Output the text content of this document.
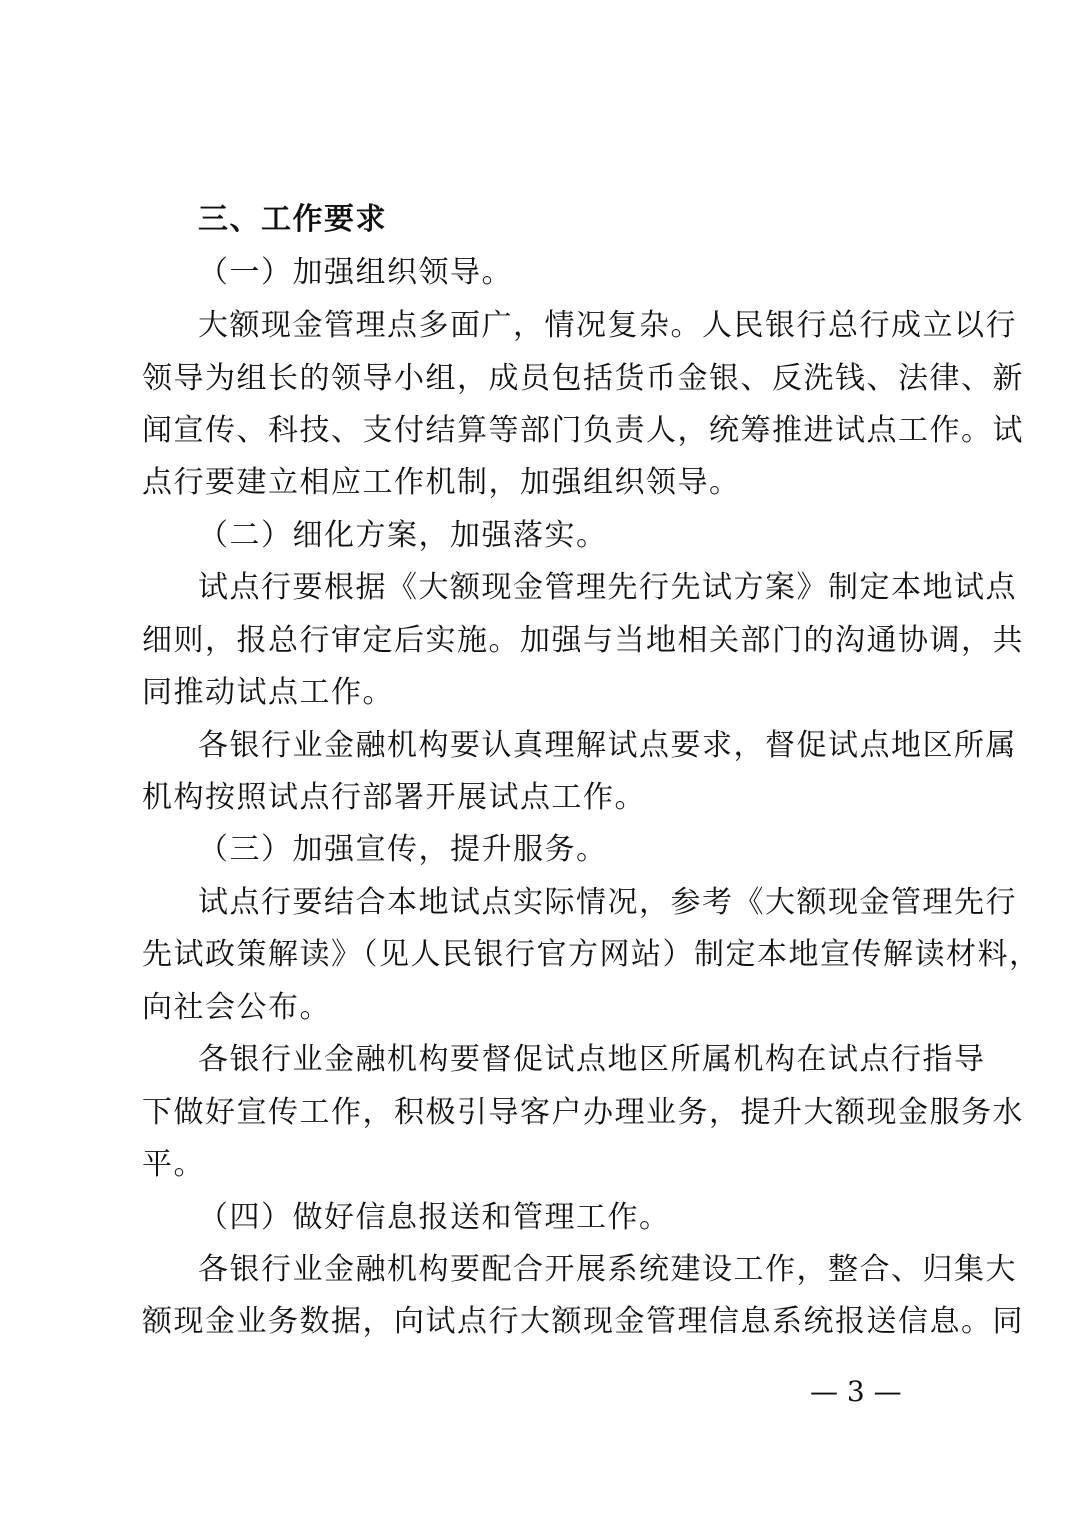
三、工作要求
（一）加强组织领导。
大额现金管理点多面广，情况复杂。人民银行总行成立以行
领导为组长的领导小组，成员包括货币金银、反洗钱、法律、新
闻宣传、科技、支付结算等部门负责人，统筹推进试点工作。试
点行要建立相应工作机制，加强组织领导。
（二）细化方案，加强落实。
试点行要根据《大额现金管理先行先试方案》制定本地试点
细则，报总行审定后实施。加强与当地相关部门的沟通协调，共
同推动试点工作。
各银行业金融机构要认真理解试点要求，督促试点地区所属
机构按照试点行部署开展试点工作。
（三）加强宣传，提升服务。
试点行要结合本地试点实际情况，参考《大额现金管理先行
先试政策解读》（见人民银行官方网站）制定本地宣传解读材料，
向社会公布。
各银行业金融机构要督促试点地区所属机构在试点行指导
下做好宣传工作，积极引导客户办理业务，提升大额现金服务水
平。
（四）做好信息报送和管理工作。
各银行业金融机构要配合开展系统建设工作，整合、归集大
额现金业务数据，向试点行大额现金管理信息系统报送信息。同
— 3 —
